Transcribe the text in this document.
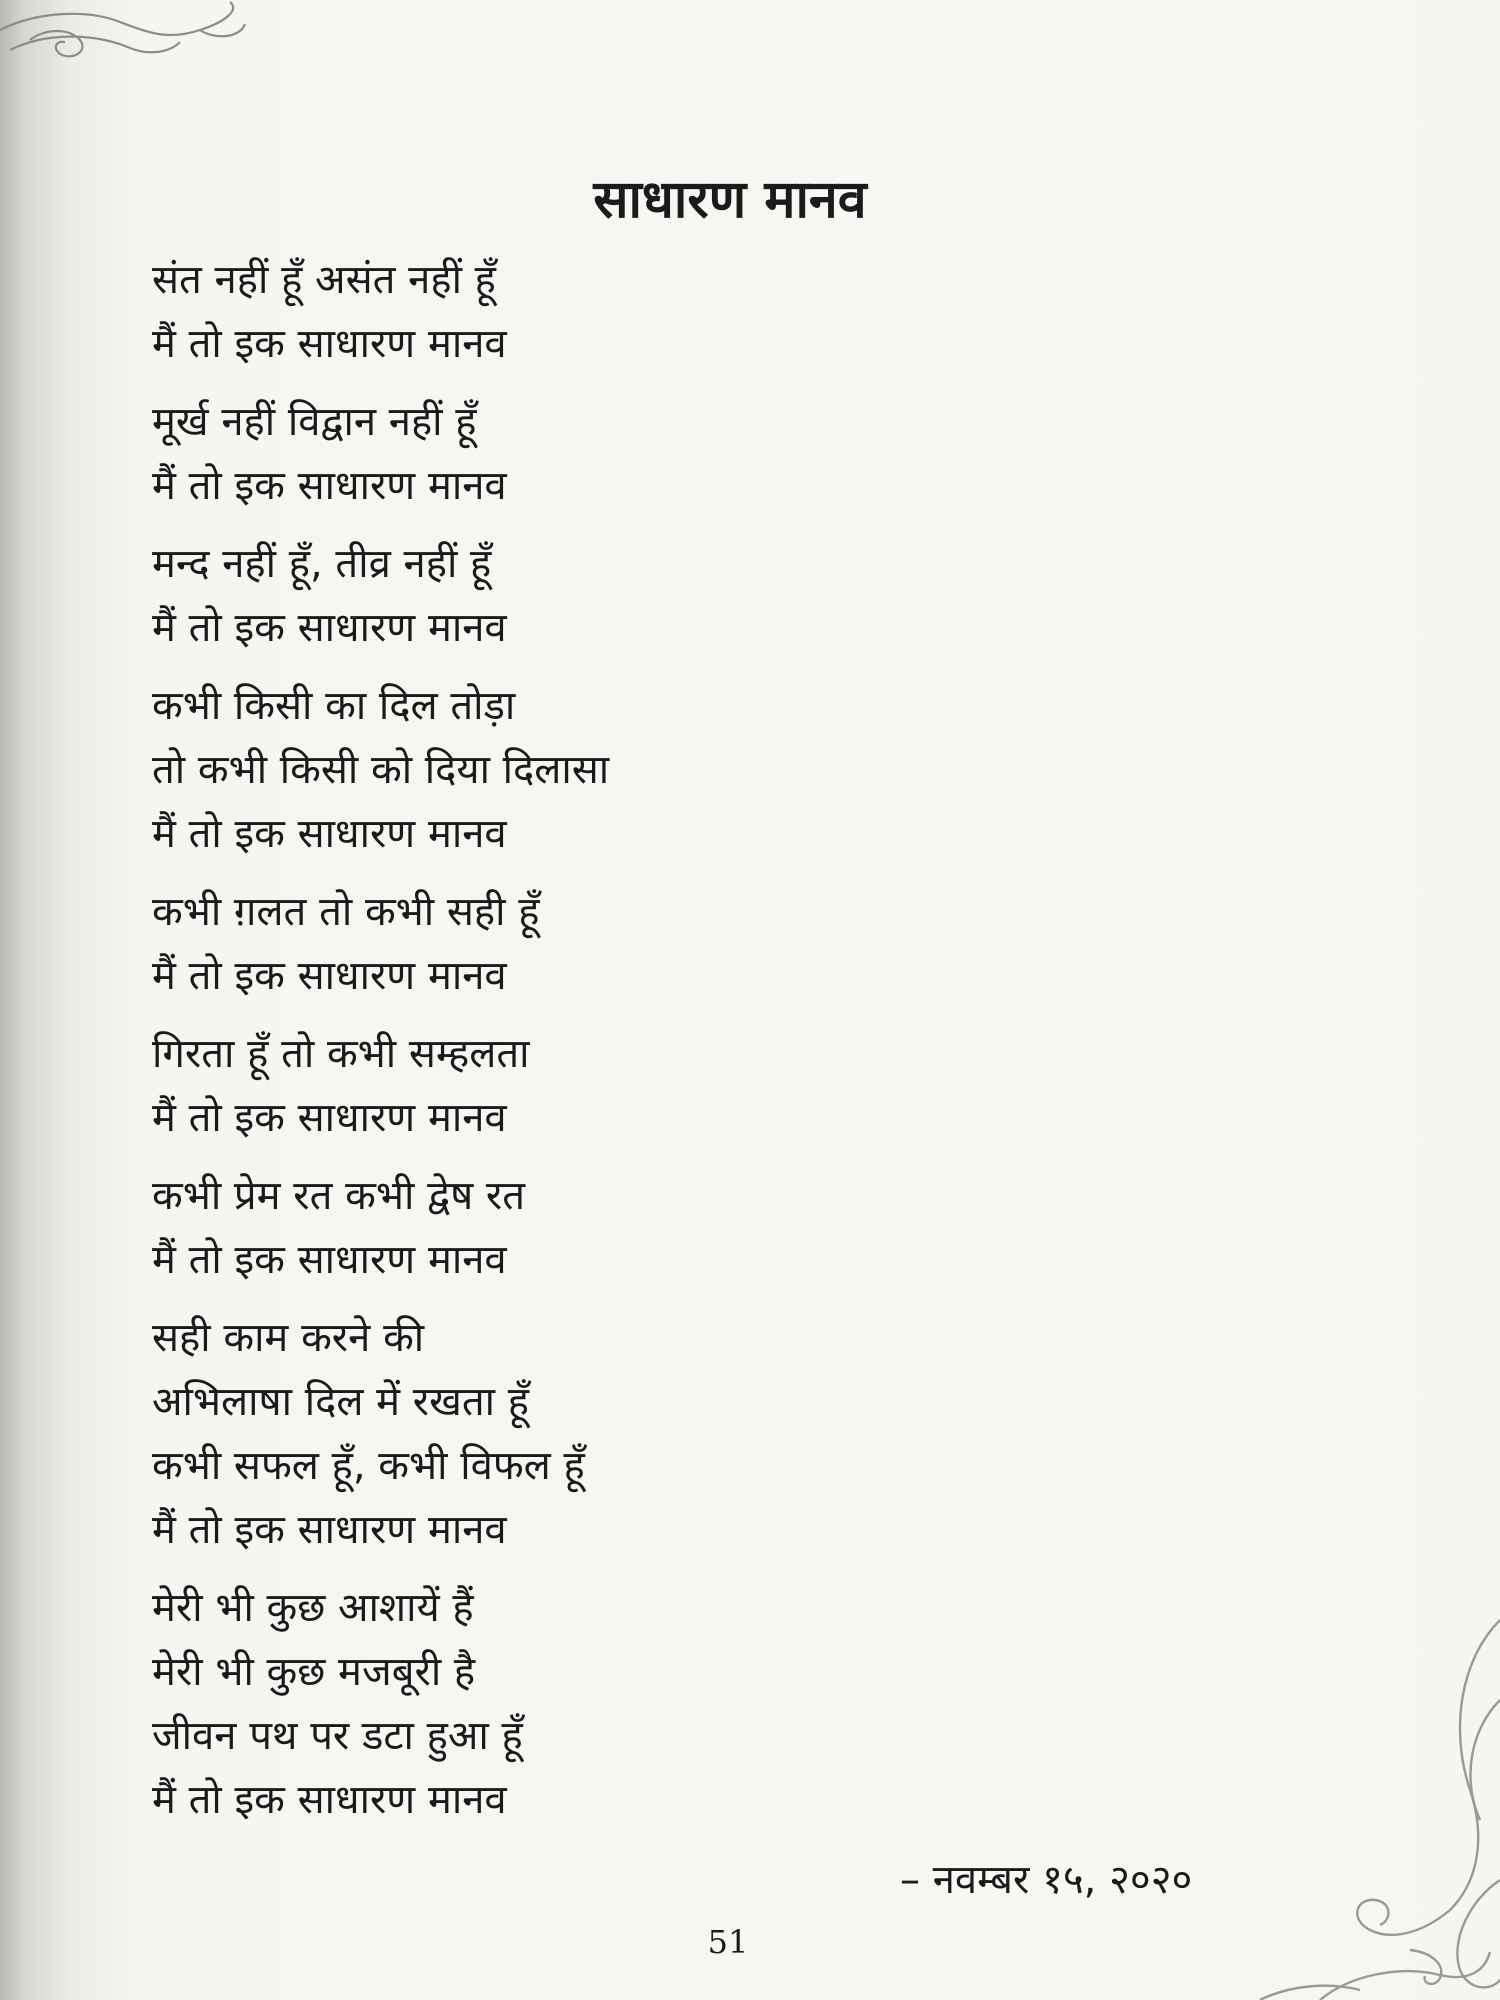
साधारण मानव
संत नहीं हूँ असंत नहीं हूँ
मैं तो इक साधारण मानव
मूर्ख नहीं विद्वान नहीं हूँ
मैं तो इक साधारण मानव
मन्द नहीं हूँ, तीव्र नहीं हूँ
मैं तो इक साधारण मानव
कभी किसी का दिल तोड़ा
तो कभी किसी को दिया दिलासा
मैं तो इक साधारण मानव
कभी ग़लत तो कभी सही हूँ
मैं तो इक साधारण मानव
गिरता हूँ तो कभी सम्हलता
मैं तो इक साधारण मानव
कभी प्रेम रत कभी द्वेष रत
मैं तो इक साधारण मानव
सही काम करने की
अभिलाषा दिल में रखता हूँ
कभी सफल हूँ, कभी विफल हूँ
मैं तो इक साधारण मानव
मेरी भी कुछ आशायें हैं
मेरी भी कुछ मजबूरी है
जीवन पथ पर डटा हुआ हूँ
मैं तो इक साधारण मानव
– नवम्बर १५, २०२०
51
